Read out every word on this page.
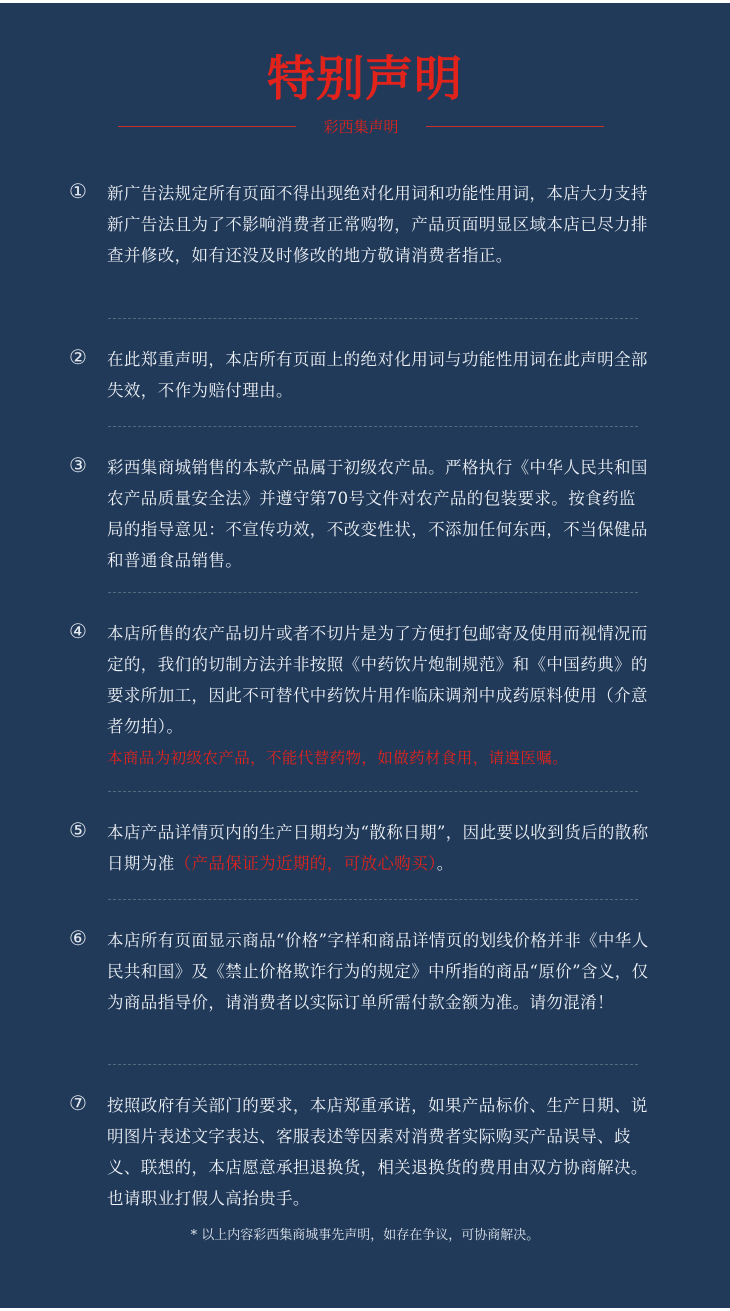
特别声明
彩西集声明
① 新广告法规定所有页面不得出现绝对化用词和功能性用词，本店大力支持新广告法且为了不影响消费者正常购物，产品页面明显区域本店已尽力排查并修改，如有还没及时修改的地方敬请消费者指正。
② 在此郑重声明，本店所有页面上的绝对化用词与功能性用词在此声明全部失效，不作为赔付理由。
③ 彩西集商城销售的本款产品属于初级农产品。严格执行《中华人民共和国农产品质量安全法》并遵守第70号文件对农产品的包装要求。按食药监局的指导意见：不宣传功效，不改变性状，不添加任何东西，不当保健品和普通食品销售。
④ 本店所售的农产品切片或者不切片是为了方便打包邮寄及使用而视情况而定的，我们的切制方法并非按照《中药饮片炮制规范》和《中国药典》的要求所加工，因此不可替代中药饮片用作临床调剂中成药原料使用（介意者勿拍）。
本商品为初级农产品，不能代替药物，如做药材食用，请遵医嘱。
⑤ 本店产品详情页内的生产日期均为“散称日期”，因此要以收到货后的散称日期为准（产品保证为近期的，可放心购买）。
⑥ 本店所有页面显示商品“价格”字样和商品详情页的划线价格并非《中华人民共和国》及《禁止价格欺诈行为的规定》中所指的商品“原价”含义，仅为商品指导价，请消费者以实际订单所需付款金额为准。请勿混淆！
⑦ 按照政府有关部门的要求，本店郑重承诺，如果产品标价、生产日期、说明图片表述文字表达、客服表述等因素对消费者实际购买产品误导、歧义、联想的，本店愿意承担退换货，相关退换货的费用由双方协商解决。也请职业打假人高抬贵手。
* 以上内容彩西集商城事先声明，如存在争议，可协商解决。
